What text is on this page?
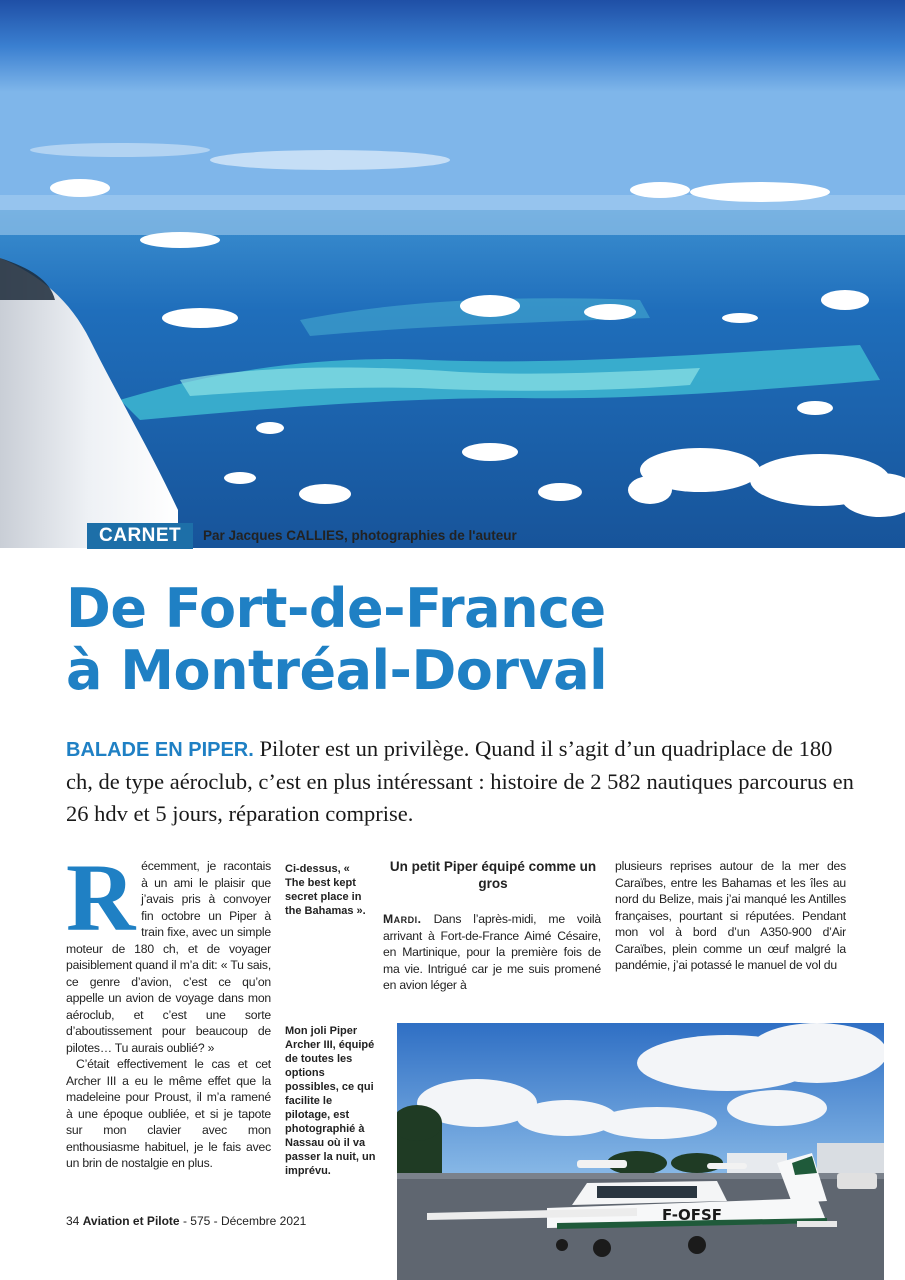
CARNET	Par Jacques CALLIES, photographies de l'auteur
De Fort-de-France
à Montréal-Dorval

BALADE EN PIPER. Piloter est un privilège. Quand il s’agit d’un quadriplace de 180 ch, de type aéroclub, c’est en plus intéressant : histoire de 2 582 nautiques parcourus en 26 hdv et 5 jours, réparation comprise.

Récemment, je racontais à un ami le plaisir que j’avais pris à convoyer fin octobre un Piper à train fixe, avec un simple moteur de 180 ch, et de voyager paisiblement quand il m’a dit: « Tu sais, ce genre d’avion, c’est ce qu’on appelle un avion de voyage dans mon aéroclub, et c’est une sorte d’aboutissement pour beaucoup de pilotes… Tu aurais oublié? »

C’était effectivement le cas et cet Archer III a eu le même effet que la madeleine pour Proust, il m’a ramené à une époque oubliée, et si je tapote sur mon clavier avec mon enthousiasme habituel, je le fais avec un brin de nostalgie en plus.

Ci-dessus, « The best kept secret place in the Bahamas ».
Mon joli Piper Archer III, équipé de toutes les options possibles, ce qui facilite le pilotage, est photographié à Nassau où il va passer la nuit, un imprévu.
Un petit Piper équipé comme un gros

Mardi. Dans l’après-midi, me voilà arrivant à Fort-de-France Aimé Césaire, en Martinique, pour la première fois de ma vie. Intrigué car je me suis promené en avion léger à

plusieurs reprises autour de la mer des Caraïbes, entre les Bahamas et les îles au nord du Belize, mais j’ai manqué les Antilles françaises, pourtant si réputées. Pendant mon vol à bord d’un A350-900 d’Air Caraïbes, plein comme un œuf malgré la pandémie, j’ai potassé le manuel de vol du

F-OFSF
34 Aviation et Pilote - 575 - Décembre 2021
